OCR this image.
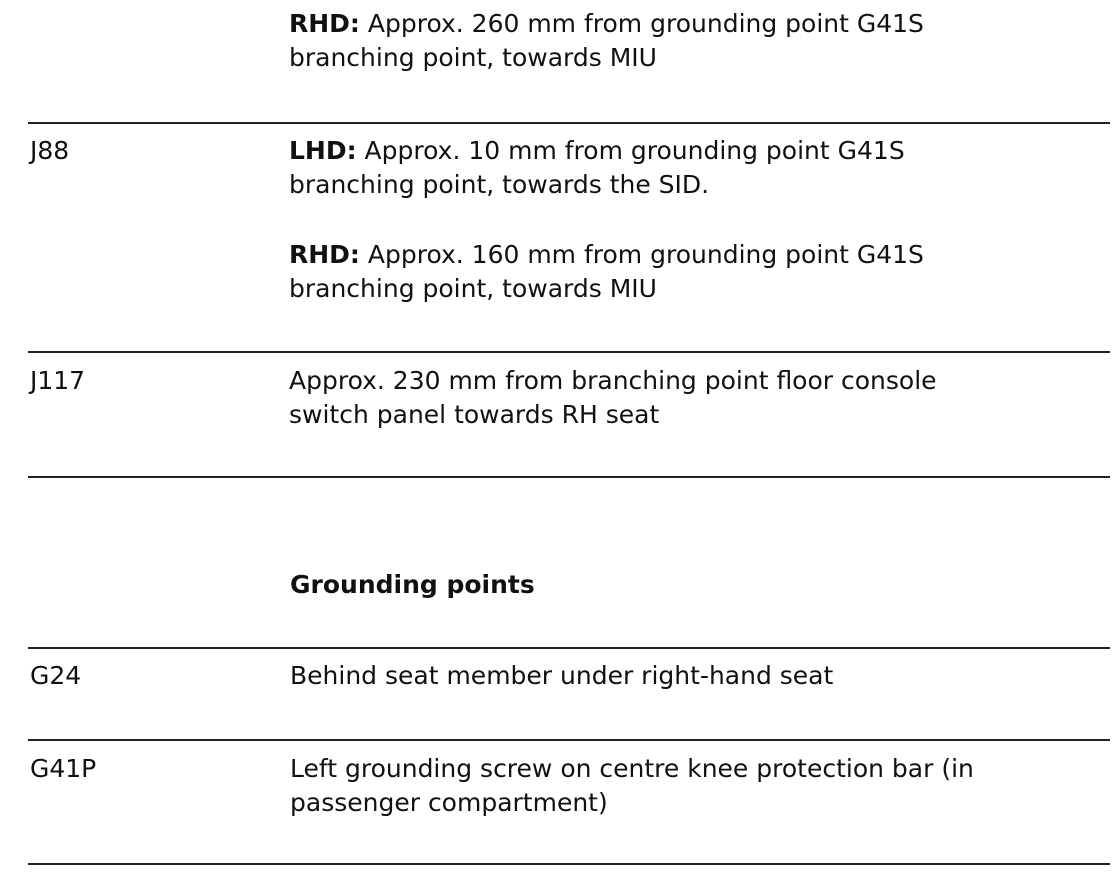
RHD: Approx. 260 mm from grounding point G41S
branching point, towards MIU
J88	LHD: Approx. 10 mm from grounding point G41S
branching point, towards the SID.
RHD: Approx. 160 mm from grounding point G41S
branching point, towards MIU
J117	Approx. 230 mm from branching point floor console
switch panel towards RH seat
Grounding points
G24	Behind seat member under right-hand seat
G41P	Left grounding screw on centre knee protection bar (in
passenger compartment)
